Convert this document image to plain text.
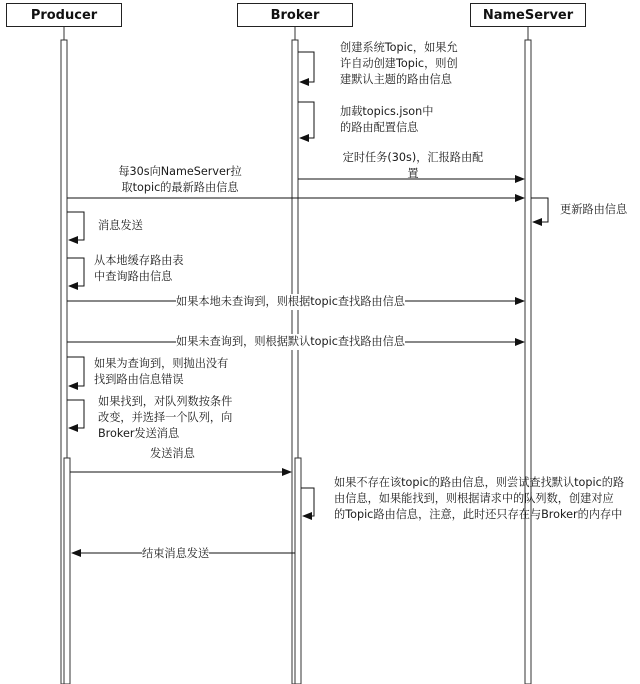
Producer	Broker	NameServer
创建系统Topic，如果允
许自动创建Topic，则创
建默认主题的路由信息
加载topics.json中
的路由配置信息
定时任务(30s)，汇报路由配
置
每30s向NameServer拉
取topic的最新路由信息
更新路由信息
消息发送
从本地缓存路由表
中查询路由信息
如果本地未查询到，则根据topic查找路由信息
如果未查询到，则根据默认topic查找路由信息
如果为查询到，则抛出没有
找到路由信息错误
如果找到，对队列数按条件
改变，并选择一个队列，向
Broker发送消息
发送消息
如果不存在该topic的路由信息，则尝试查找默认topic的路
由信息，如果能找到，则根据请求中的队列数，创建对应
的Topic路由信息，注意，此时还只存在与Broker的内存中
结束消息发送
